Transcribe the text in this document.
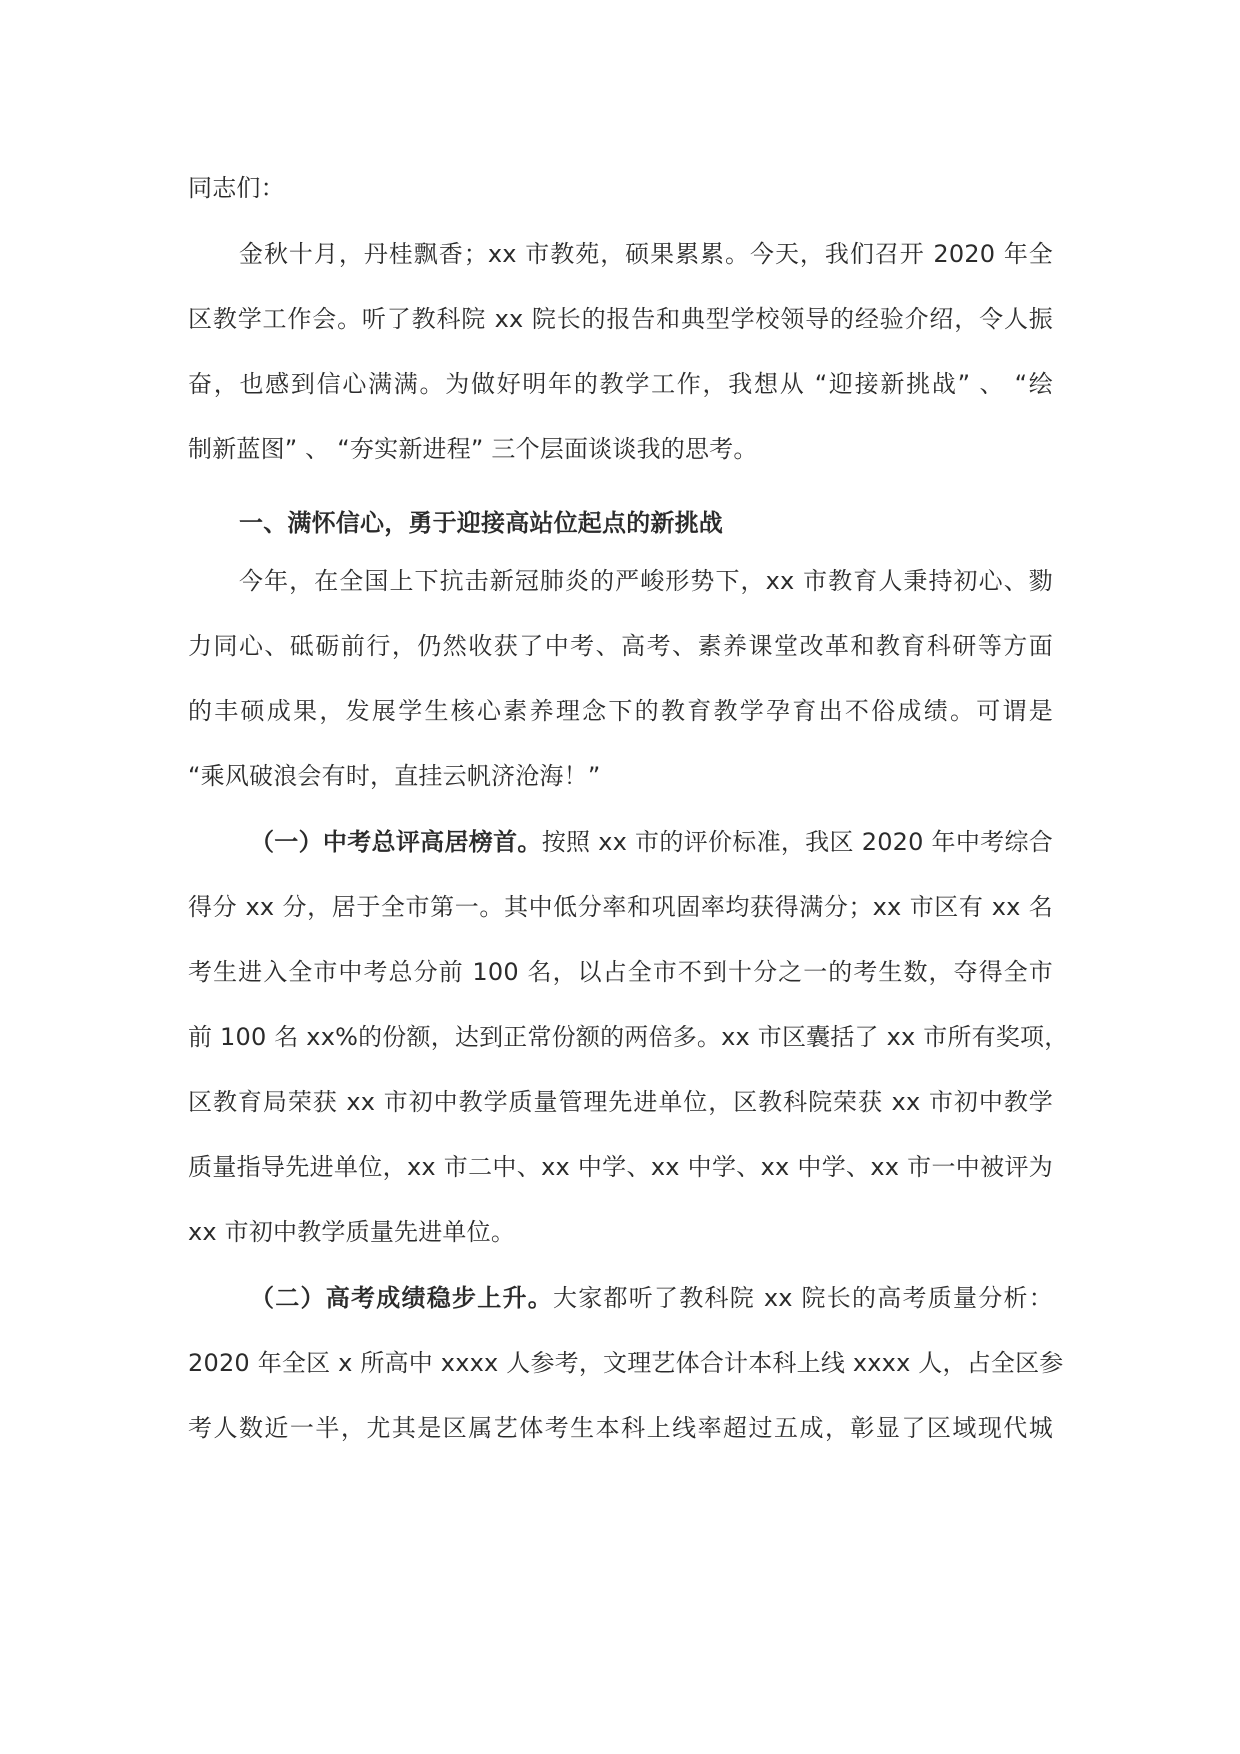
同志们：
金秋十月，丹桂飘香；xx 市教苑，硕果累累。今天，我们召开 2020 年全
区教学工作会。听了教科院 xx 院长的报告和典型学校领导的经验介绍，令人振
奋，也感到信心满满。为做好明年的教学工作，我想从 “迎接新挑战” 、 “绘
制新蓝图” 、 “夯实新进程” 三个层面谈谈我的思考。
一、满怀信心，勇于迎接高站位起点的新挑战
今年，在全国上下抗击新冠肺炎的严峻形势下，xx 市教育人秉持初心、勠
力同心、砥砺前行，仍然收获了中考、高考、素养课堂改革和教育科研等方面
的丰硕成果，发展学生核心素养理念下的教育教学孕育出不俗成绩。可谓是
“乘风破浪会有时，直挂云帆济沧海！”
（一）中考总评高居榜首。按照 xx 市的评价标准，我区 2020 年中考综合
得分 xx 分，居于全市第一。其中低分率和巩固率均获得满分；xx 市区有 xx 名
考生进入全市中考总分前 100 名，以占全市不到十分之一的考生数，夺得全市
前 100 名 xx%的份额，达到正常份额的两倍多。xx 市区囊括了 xx 市所有奖项，
区教育局荣获 xx 市初中教学质量管理先进单位，区教科院荣获 xx 市初中教学
质量指导先进单位，xx 市二中、xx 中学、xx 中学、xx 中学、xx 市一中被评为
xx 市初中教学质量先进单位。
（二）高考成绩稳步上升。大家都听了教科院 xx 院长的高考质量分析：
2020 年全区 x 所高中 xxxx 人参考，文理艺体合计本科上线 xxxx 人，占全区参
考人数近一半，尤其是区属艺体考生本科上线率超过五成，彰显了区域现代城
